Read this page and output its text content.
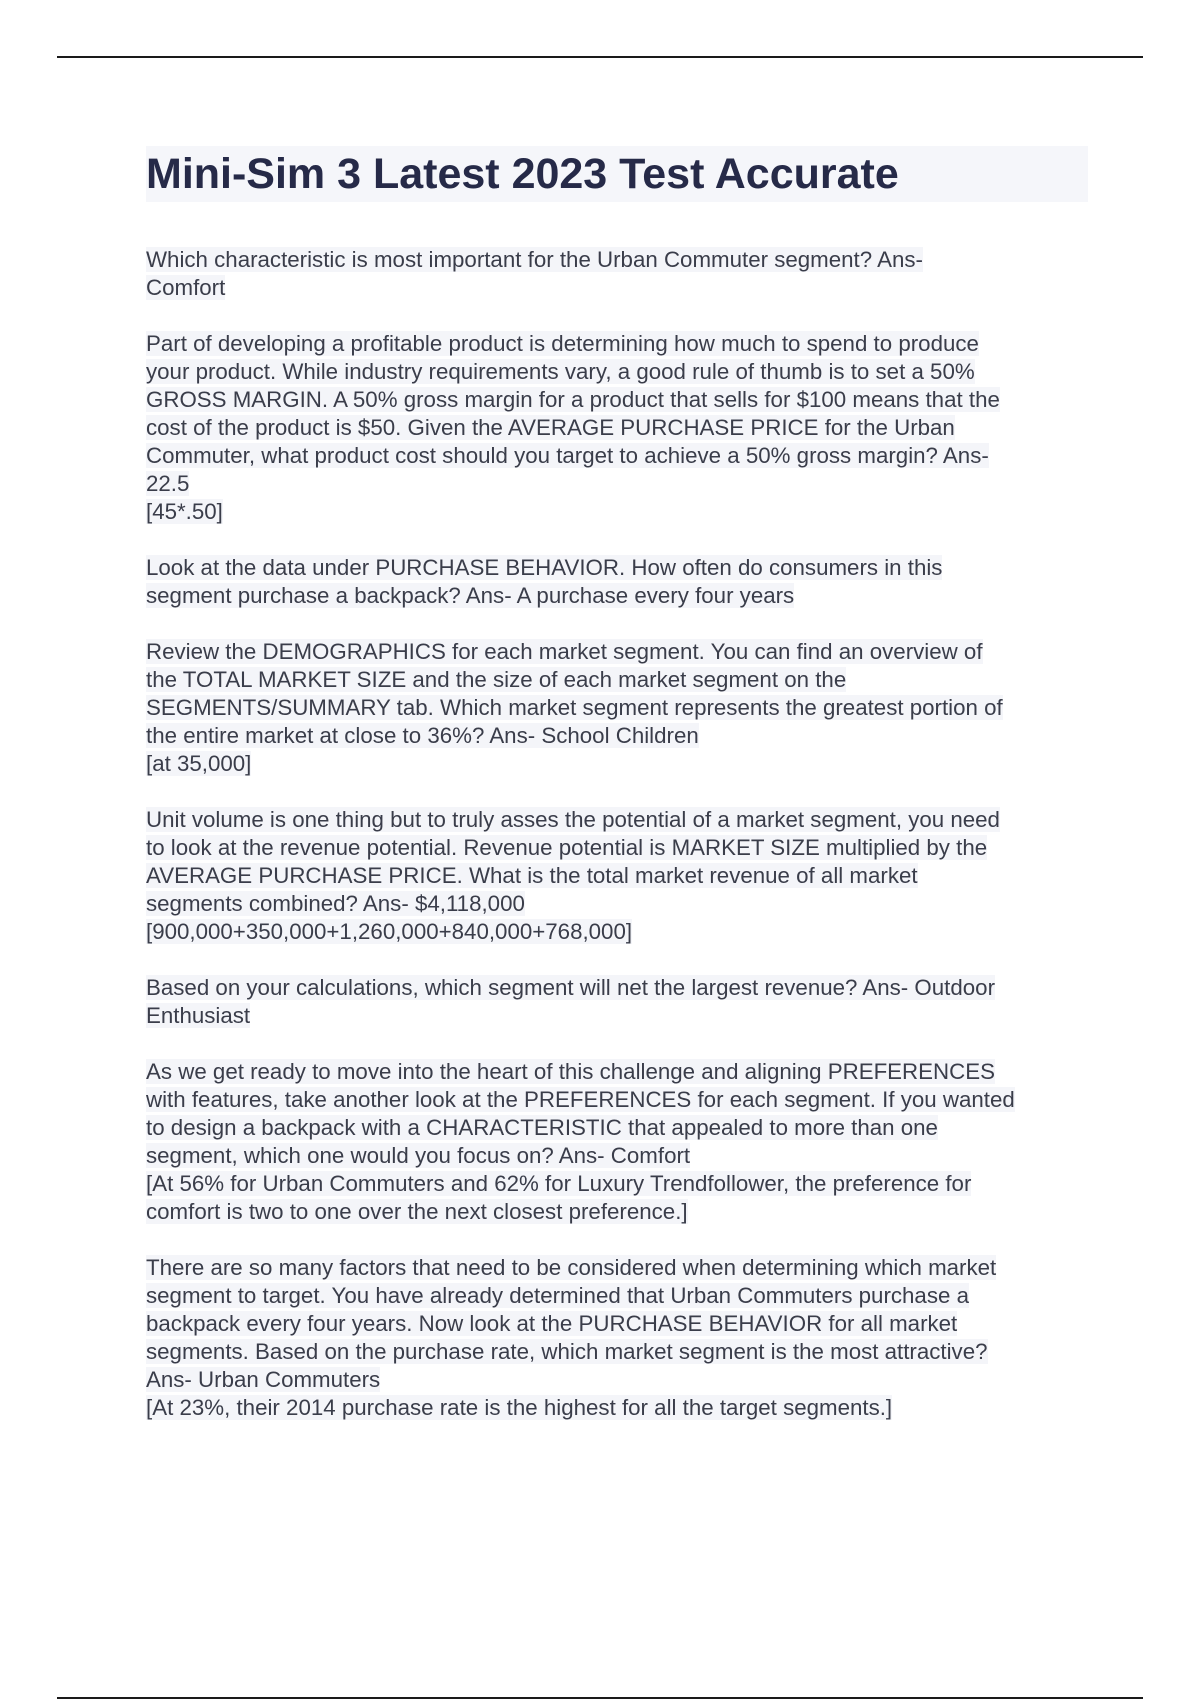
Mini-Sim 3 Latest 2023 Test Accurate
Which characteristic is most important for the Urban Commuter segment? Ans-
Comfort
Part of developing a profitable product is determining how much to spend to produce
your product. While industry requirements vary, a good rule of thumb is to set a 50%
GROSS MARGIN. A 50% gross margin for a product that sells for $100 means that the
cost of the product is $50. Given the AVERAGE PURCHASE PRICE for the Urban
Commuter, what product cost should you target to achieve a 50% gross margin? Ans-
22.5
[45*.50]
Look at the data under PURCHASE BEHAVIOR. How often do consumers in this
segment purchase a backpack? Ans- A purchase every four years
Review the DEMOGRAPHICS for each market segment. You can find an overview of
the TOTAL MARKET SIZE and the size of each market segment on the
SEGMENTS/SUMMARY tab. Which market segment represents the greatest portion of
the entire market at close to 36%? Ans- School Children
[at 35,000]
Unit volume is one thing but to truly asses the potential of a market segment, you need
to look at the revenue potential. Revenue potential is MARKET SIZE multiplied by the
AVERAGE PURCHASE PRICE. What is the total market revenue of all market
segments combined? Ans- $4,118,000
[900,000+350,000+1,260,000+840,000+768,000]
Based on your calculations, which segment will net the largest revenue? Ans- Outdoor
Enthusiast
As we get ready to move into the heart of this challenge and aligning PREFERENCES
with features, take another look at the PREFERENCES for each segment. If you wanted
to design a backpack with a CHARACTERISTIC that appealed to more than one
segment, which one would you focus on? Ans- Comfort
[At 56% for Urban Commuters and 62% for Luxury Trendfollower, the preference for
comfort is two to one over the next closest preference.]
There are so many factors that need to be considered when determining which market
segment to target. You have already determined that Urban Commuters purchase a
backpack every four years. Now look at the PURCHASE BEHAVIOR for all market
segments. Based on the purchase rate, which market segment is the most attractive?
Ans- Urban Commuters
[At 23%, their 2014 purchase rate is the highest for all the target segments.]
